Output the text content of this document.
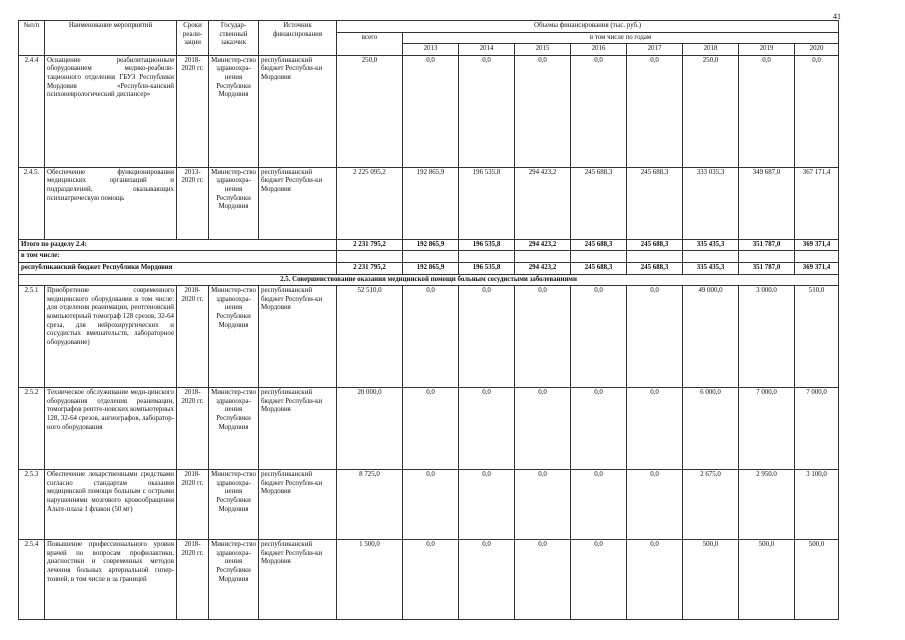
41
№п/п	Наименование мероприятий	Сроки реали-зации	Государ-ственный заказчик	Источник финансирования	Объемы финансирования (тыс. руб.)								
					всего	в том числе по годам							
						2013	2014	2015	2016	2017	2018	2019	2020
2.4.4	Оснащение реабилитационным оборудованием медико-реабили-тационного отделения ГБУЗ Республики Мордовия «Республи-канский психоневрологический диспансер»	2018-2020 гг.	Министер-ство здравоохра-нения Республики Мордовия	республиканский бюджет Республи-ки Мордовия	250,0	0,0	0,0	0,0	0,0	0,0	250,0	0,0	0,0
2.4.5.	Обеспечение функционирования медицинских организаций и подразделений, оказывающих психиатрическую помощь	2013-2020 гг.	Министер-ство здравоохра-нения Республики Мордовия	республиканский бюджет Республи-ки Мордовия	2 225 095,2	192 865,9	196 535,8	294 423,2	245 688,3	245 688,3	333 035,3	349 687,0	367 171,4
Итого по разделу 2.4:					2 231 795,2	192 865,9	196 535,8	294 423,2	245 688,3	245 688,3	335 435,3	351 787,0	369 371,4
в том числе:													
республиканский бюджет Республики Мордовия					2 231 795,2	192 865,9	196 535,8	294 423,2	245 688,3	245 688,3	335 435,3	351 787,0	369 371,4
2.5. Совершенствование оказания медицинской помощи больным сосудистыми заболеваниями													
2.5.1	Приобретение современного медицинского оборудования в том числе: для отделения реанимации, рентгеновский компьютерный томограф 128 срезов, 32-64 среза, для нейрохирургических и сосудистых вмешательств, лабораторное оборудование)	2018-2020 гг.	Министер-ство здравоохра-нения Республики Мордовия	республиканский бюджет Республи-ки Мордовия	52 510,0	0,0	0,0	0,0	0,0	0,0	49 000,0	3 000,0	510,0
2.5.2	Техническое обслуживание меди-цинского оборудования отделения реанимации, томографов рентге-новских компьютерных 128, 32-64 срезов, ангиографов, лаборатор-ного оборудования	2018-2020 гг.	Министер-ство здравоохра-нения Республики Мордовия	республиканский бюджет Республи-ки Мордовия	20 000,0	0,0	0,0	0,0	0,0	0,0	6 000,0	7 000,0	7 000,0
2.5.3	Обеспечение лекарственными средствами согласно стандартам оказания медицинской помощи больным с острыми нарушениями мозгового кровообращения Альте-плаза 1 флакон (50 мг)	2018-2020 гг.	Министер-ство здравоохра-нения Республики Мордовия	республиканский бюджет Республи-ки Мордовия	8 725,0	0,0	0,0	0,0	0,0	0,0	2 675,0	2 950,0	3 100,0
2.5.4	Повышение профессионального уровня врачей по вопросам профилактики, диагностики и современных методов лечения больных артериальной гипер-тонией, в том числе и за границей	2018-2020 гг.	Министер-ство здравоохра-нения Республики Мордовия	республиканский бюджет Республи-ки Мордовия	1 500,0	0,0	0,0	0,0	0,0	0,0	500,0	500,0	500,0
